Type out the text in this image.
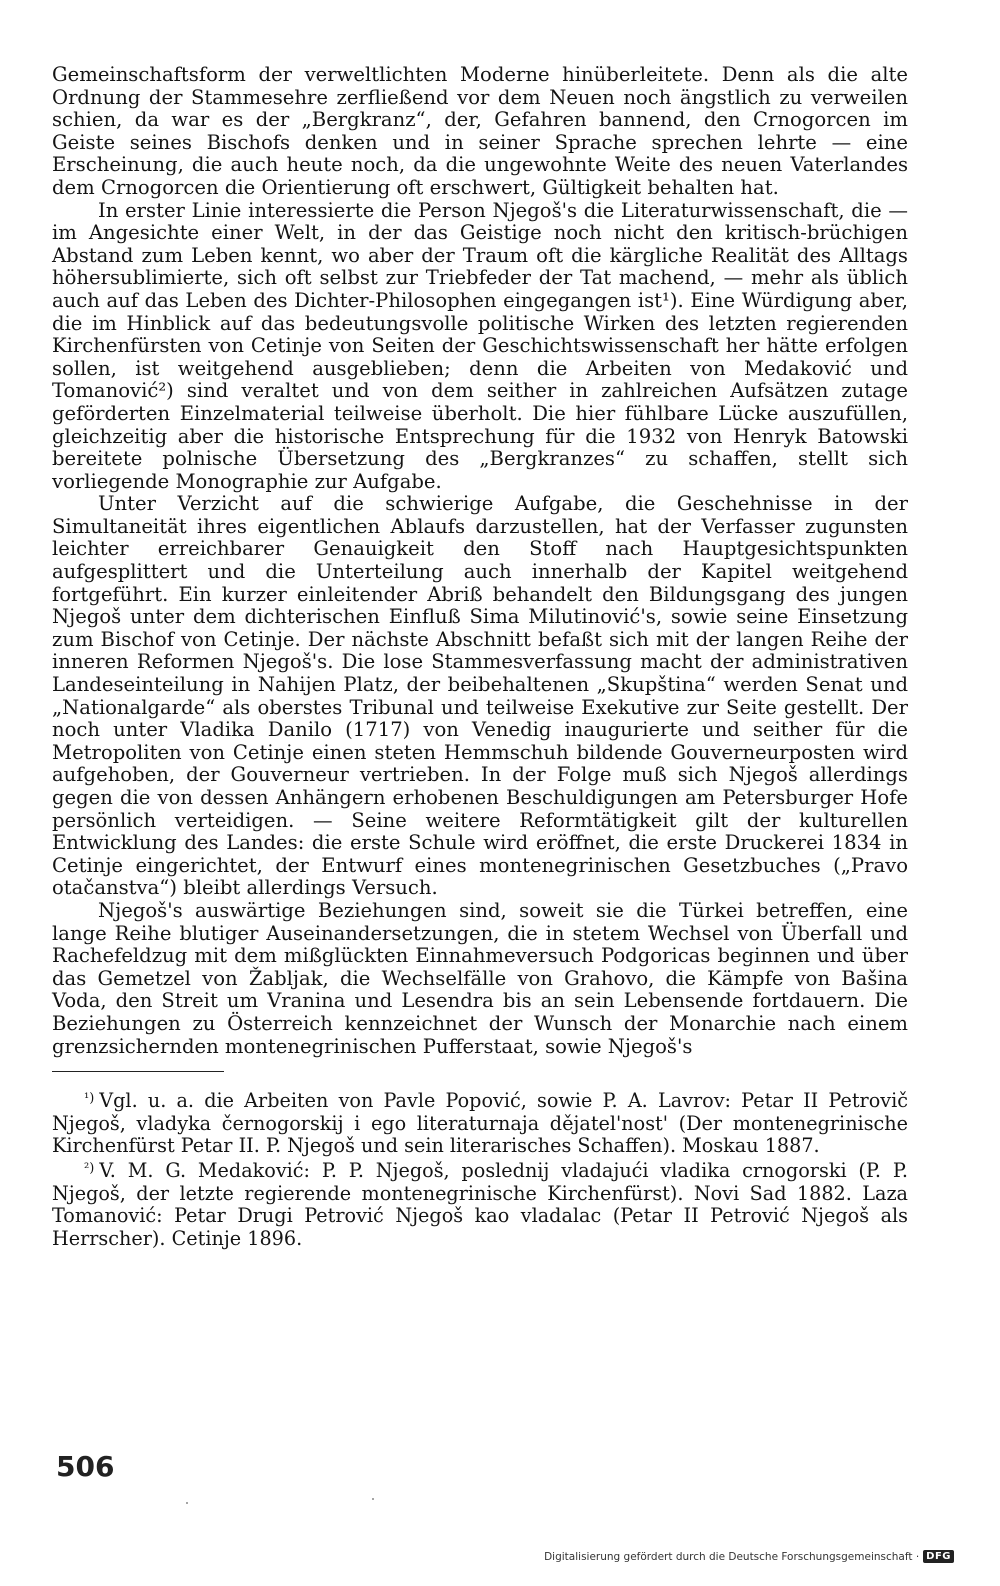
Gemeinschaftsform der verweltlichten Moderne hinüberleitete. Denn als die alte Ordnung der Stammesehre zerfließend vor dem Neuen noch ängstlich zu verweilen schien, da war es der „Bergkranz“, der, Gefahren bannend, den Crnogorcen im Geiste seines Bischofs denken und in seiner Sprache sprechen lehrte — eine Erscheinung, die auch heute noch, da die ungewohnte Weite des neuen Vaterlandes dem Crnogorcen die Orientierung oft erschwert, Gültigkeit behalten hat.

In erster Linie interessierte die Person Njegoš's die Literaturwissenschaft, die — im Angesichte einer Welt, in der das Geistige noch nicht den kritisch-brüchigen Abstand zum Leben kennt, wo aber der Traum oft die kärgliche Realität des Alltags höhersublimierte, sich oft selbst zur Triebfeder der Tat machend, — mehr als üblich auch auf das Leben des Dichter-Philosophen eingegangen ist¹). Eine Würdigung aber, die im Hinblick auf das bedeutungsvolle politische Wirken des letzten regierenden Kirchenfürsten von Cetinje von Seiten der Geschichtswissenschaft her hätte erfolgen sollen, ist weitgehend ausgeblieben; denn die Arbeiten von Medaković und Tomanović²) sind veraltet und von dem seither in zahlreichen Aufsätzen zutage geförderten Einzelmaterial teilweise überholt. Die hier fühlbare Lücke auszufüllen, gleichzeitig aber die historische Entsprechung für die 1932 von Henryk Batowski bereitete polnische Übersetzung des „Bergkranzes“ zu schaffen, stellt sich vorliegende Monographie zur Aufgabe.

Unter Verzicht auf die schwierige Aufgabe, die Geschehnisse in der Simultaneität ihres eigentlichen Ablaufs darzustellen, hat der Verfasser zugunsten leichter erreichbarer Genauigkeit den Stoff nach Hauptgesichtspunkten aufgesplittert und die Unterteilung auch innerhalb der Kapitel weitgehend fortgeführt. Ein kurzer einleitender Abriß behandelt den Bildungsgang des jungen Njegoš unter dem dichterischen Einfluß Sima Milutinović's, sowie seine Einsetzung zum Bischof von Cetinje. Der nächste Abschnitt befaßt sich mit der langen Reihe der inneren Reformen Njegoš's. Die lose Stammesverfassung macht der administrativen Landeseinteilung in Nahijen Platz, der beibehaltenen „Skupština“ werden Senat und „Nationalgarde“ als oberstes Tribunal und teilweise Exekutive zur Seite gestellt. Der noch unter Vladika Danilo (1717) von Venedig inaugurierte und seither für die Metropoliten von Cetinje einen steten Hemmschuh bildende Gouverneurposten wird aufgehoben, der Gouverneur vertrieben. In der Folge muß sich Njegoš allerdings gegen die von dessen Anhängern erhobenen Beschuldigungen am Petersburger Hofe persönlich verteidigen. — Seine weitere Reformtätigkeit gilt der kulturellen Entwicklung des Landes: die erste Schule wird eröffnet, die erste Druckerei 1834 in Cetinje eingerichtet, der Entwurf eines montenegrinischen Gesetzbuches („Pravo otačanstva“) bleibt allerdings Versuch.

Njegoš's auswärtige Beziehungen sind, soweit sie die Türkei betreffen, eine lange Reihe blutiger Auseinandersetzungen, die in stetem Wechsel von Überfall und Rachefeldzug mit dem mißglückten Einnahmeversuch Podgoricas beginnen und über das Gemetzel von Žabljak, die Wechselfälle von Grahovo, die Kämpfe von Bašina Voda, den Streit um Vranina und Lesendra bis an sein Lebensende fortdauern. Die Beziehungen zu Österreich kennzeichnet der Wunsch der Monarchie nach einem grenzsichernden montenegrinischen Pufferstaat, sowie Njegoš's

$^{^1)}$ Vgl. u. a. die Arbeiten von Pavle Popović, sowie P. A. Lavrov: Petar II Petrovič Njegoš, vladyka černogorskij i ego literaturnaja dějatel'nost' (Der montenegrinische Kirchenfürst Petar II. P. Njegoš und sein literarisches Schaffen). Moskau 1887.

$^{^2)}$ V. M. G. Medaković: P. P. Njegoš, poslednij vladajući vladika crnogorski (P. P. Njegoš, der letzte regierende montenegrinische Kirchenfürst). Novi Sad 1882. Laza Tomanović: Petar Drugi Petrović Njegoš kao vladalac (Petar II Petrović Njegoš als Herrscher). Cetinje 1896.

506
Digitalisierung gefördert durch die Deutsche Forschungsgemeinschaft · DFG
